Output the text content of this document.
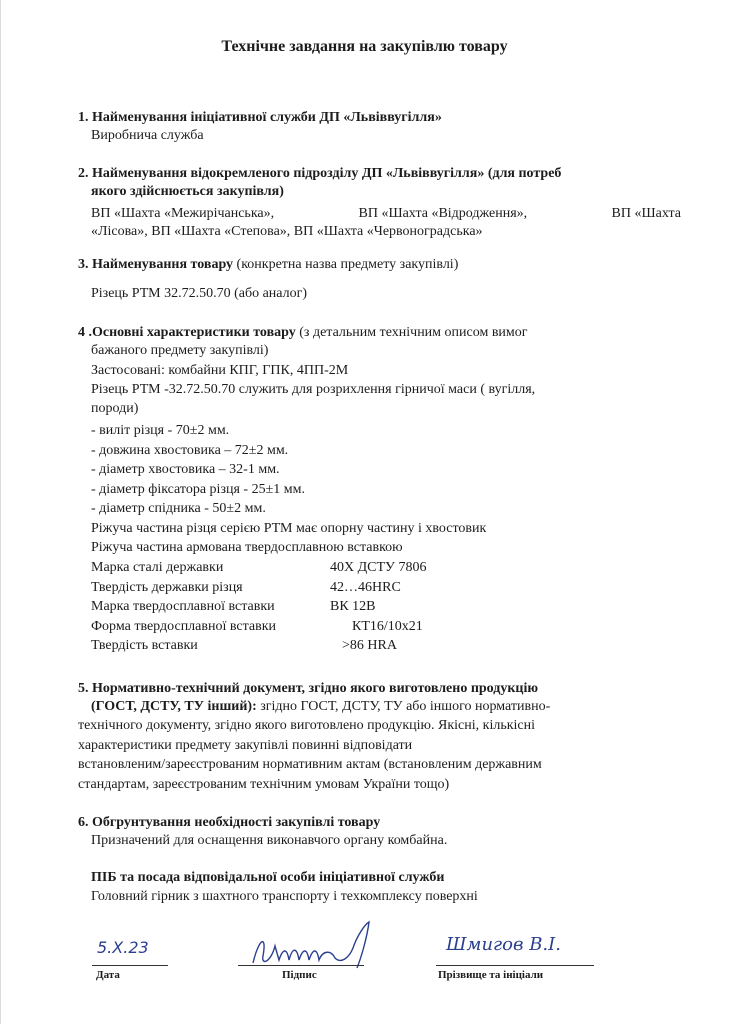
Технічне завдання на закупівлю товару
1. Найменування ініціативної служби ДП «Львіввугілля»
Виробнича служба
2. Найменування відокремленого підрозділу ДП «Львіввугілля» (для потреб
якого здійснюється закупівля)
ВП «Шахта «Межирічанська»,	ВП «Шахта «Відродження»,	ВП «Шахта
«Лісова», ВП «Шахта «Степова», ВП «Шахта «Червоноградська»
3. Найменування товару (конкретна назва предмету закупівлі)
Різець РТМ 32.72.50.70 (або аналог)
4 .Основні характеристики товару (з детальним технічним описом вимог
бажаного предмету закупівлі)
Застосовані: комбайни КПГ, ГПК, 4ПП-2М
Різець РТМ -32.72.50.70 служить для розрихлення гірничої маси ( вугілля,
породи)
- виліт різця - 70±2 мм.
- довжина хвостовика – 72±2 мм.
- діаметр хвостовика – 32-1 мм.
- діаметр фіксатора різця - 25±1 мм.
- діаметр спідника - 50±2 мм.
Ріжуча частина різця серією РТМ має опорну частину і хвостовик
Ріжуча частина армована твердосплавною вставкою
Марка сталі державки	40Х ДСТУ 7806
Твердість державки різця	42…46HRC
Марка твердосплавної вставки	ВК 12В
Форма твердосплавної вставки	КТ16/10х21
Твердість вставки	>86 HRA
5. Нормативно-технічний документ, згідно якого виготовлено продукцію
(ГОСТ, ДСТУ, ТУ інший): згідно ГОСТ, ДСТУ, ТУ або іншого нормативно-
технічного документу, згідно якого виготовлено продукцію. Якісні, кількісні
характеристики предмету закупівлі повинні відповідати
встановленим/зареєстрованим нормативним актам (встановленим державним
стандартам, зареєстрованим технічним умовам України тощо)
6. Обгрунтування необхідності закупівлі товару
Призначений для оснащення виконавчого органу комбайна.
ПІБ та посада відповідальної особи ініціативної служби
Головний гірник з шахтного транспорту і техкомплексу поверхні
5.Х.23
Дата	Підпис
Шмигов В.І.
Прізвище та ініціали
